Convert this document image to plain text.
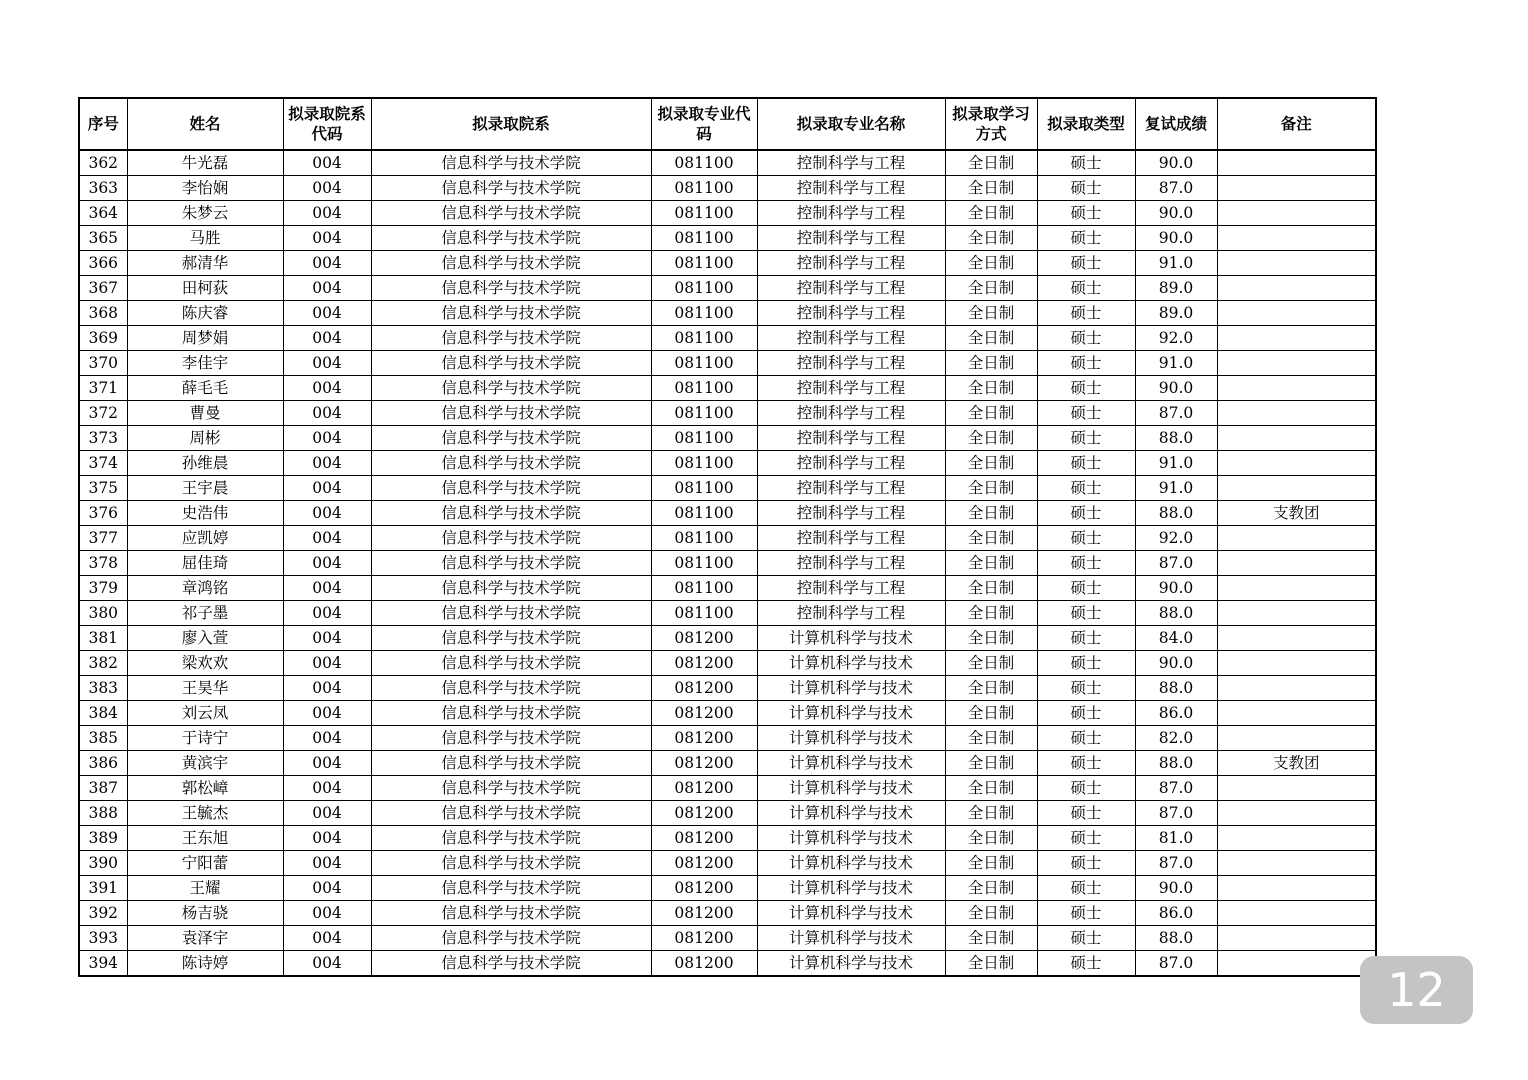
序号	姓名	拟录取院系代码	拟录取院系	拟录取专业代码	拟录取专业名称	拟录取学习方式	拟录取类型	复试成绩	备注
362	牛光磊	004	信息科学与技术学院	081100	控制科学与工程	全日制	硕士	90.0	
363	李怡娴	004	信息科学与技术学院	081100	控制科学与工程	全日制	硕士	87.0	
364	朱梦云	004	信息科学与技术学院	081100	控制科学与工程	全日制	硕士	90.0	
365	马胜	004	信息科学与技术学院	081100	控制科学与工程	全日制	硕士	90.0	
366	郝清华	004	信息科学与技术学院	081100	控制科学与工程	全日制	硕士	91.0	
367	田柯荻	004	信息科学与技术学院	081100	控制科学与工程	全日制	硕士	89.0	
368	陈庆睿	004	信息科学与技术学院	081100	控制科学与工程	全日制	硕士	89.0	
369	周梦娟	004	信息科学与技术学院	081100	控制科学与工程	全日制	硕士	92.0	
370	李佳宇	004	信息科学与技术学院	081100	控制科学与工程	全日制	硕士	91.0	
371	薛毛毛	004	信息科学与技术学院	081100	控制科学与工程	全日制	硕士	90.0	
372	曹曼	004	信息科学与技术学院	081100	控制科学与工程	全日制	硕士	87.0	
373	周彬	004	信息科学与技术学院	081100	控制科学与工程	全日制	硕士	88.0	
374	孙维晨	004	信息科学与技术学院	081100	控制科学与工程	全日制	硕士	91.0	
375	王宇晨	004	信息科学与技术学院	081100	控制科学与工程	全日制	硕士	91.0	
376	史浩伟	004	信息科学与技术学院	081100	控制科学与工程	全日制	硕士	88.0	支教团
377	应凯婷	004	信息科学与技术学院	081100	控制科学与工程	全日制	硕士	92.0	
378	屈佳琦	004	信息科学与技术学院	081100	控制科学与工程	全日制	硕士	87.0	
379	章鸿铭	004	信息科学与技术学院	081100	控制科学与工程	全日制	硕士	90.0	
380	祁子墨	004	信息科学与技术学院	081100	控制科学与工程	全日制	硕士	88.0	
381	廖入萱	004	信息科学与技术学院	081200	计算机科学与技术	全日制	硕士	84.0	
382	梁欢欢	004	信息科学与技术学院	081200	计算机科学与技术	全日制	硕士	90.0	
383	王昊华	004	信息科学与技术学院	081200	计算机科学与技术	全日制	硕士	88.0	
384	刘云凤	004	信息科学与技术学院	081200	计算机科学与技术	全日制	硕士	86.0	
385	于诗宁	004	信息科学与技术学院	081200	计算机科学与技术	全日制	硕士	82.0	
386	黄滨宇	004	信息科学与技术学院	081200	计算机科学与技术	全日制	硕士	88.0	支教团
387	郭松嶂	004	信息科学与技术学院	081200	计算机科学与技术	全日制	硕士	87.0	
388	王毓杰	004	信息科学与技术学院	081200	计算机科学与技术	全日制	硕士	87.0	
389	王东旭	004	信息科学与技术学院	081200	计算机科学与技术	全日制	硕士	81.0	
390	宁阳蕾	004	信息科学与技术学院	081200	计算机科学与技术	全日制	硕士	87.0	
391	王耀	004	信息科学与技术学院	081200	计算机科学与技术	全日制	硕士	90.0	
392	杨吉骁	004	信息科学与技术学院	081200	计算机科学与技术	全日制	硕士	86.0	
393	袁泽宇	004	信息科学与技术学院	081200	计算机科学与技术	全日制	硕士	88.0	
394	陈诗婷	004	信息科学与技术学院	081200	计算机科学与技术	全日制	硕士	87.0		12
